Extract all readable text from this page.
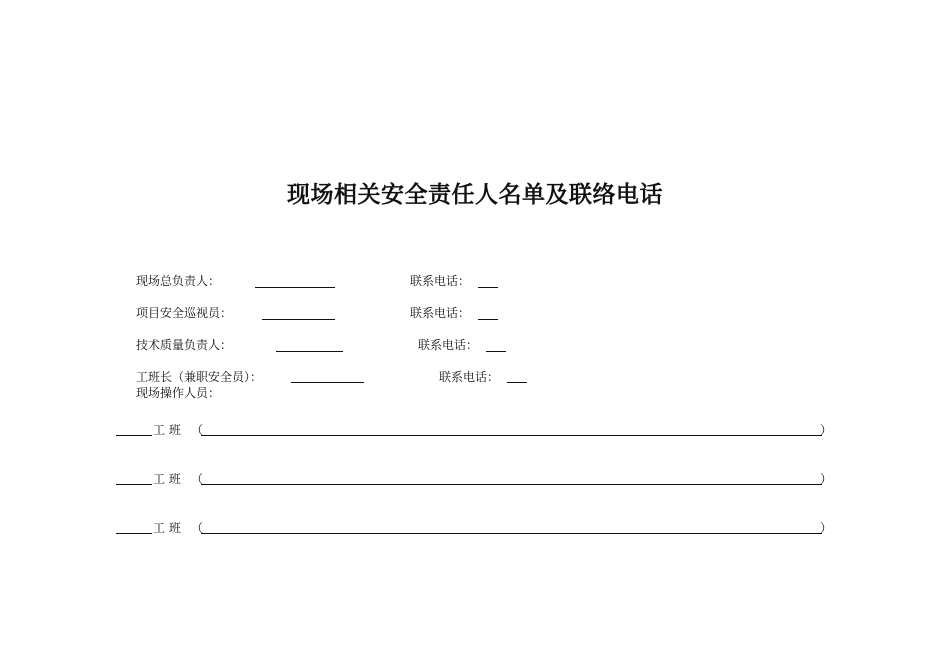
现场相关安全责任人名单及联络电话
现场总负责人：	联系电话：
项目安全巡视员：	联系电话：
技术质量负责人：	联系电话：
工班长（兼职安全员）：	联系电话：
现场操作人员：
工 班 （	）
工 班 （	）
工 班 （	）
